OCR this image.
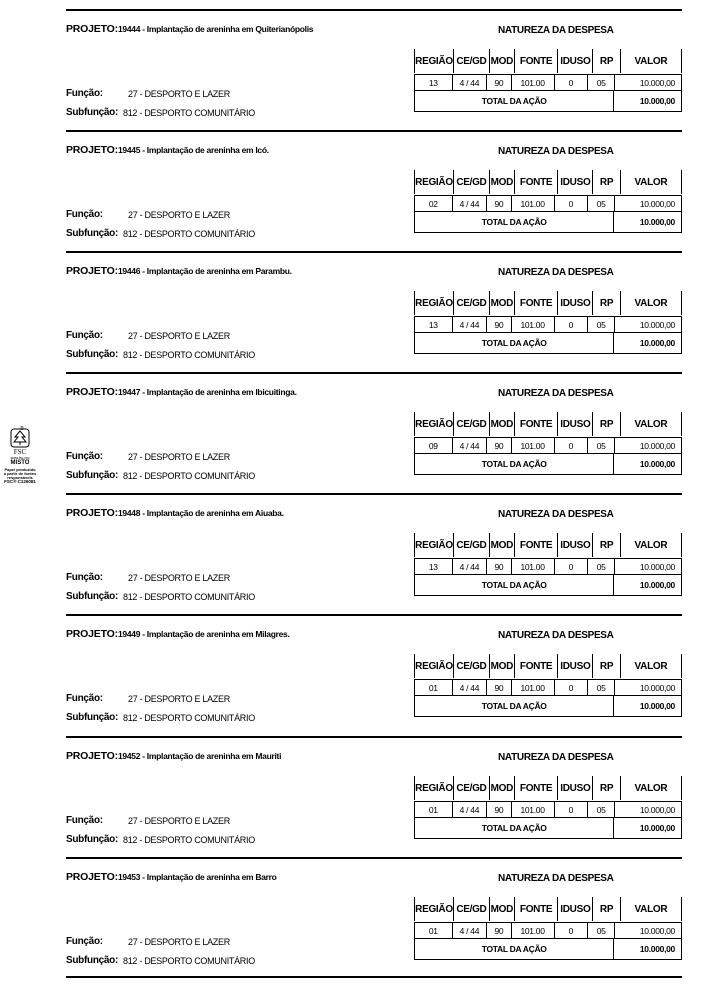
PROJETO: 19444 - Implantação de areninha em Quiterianópolis	NATUREZA DA DESPESA
REGIÃO	CE/GD	MOD	FONTE	IDUSO	RP	VALOR
13	4 / 44	90	101.00	0	05	10.000,00
TOTAL DA AÇÃO	10.000,00
Função:	27 - DESPORTO E LAZER
Subfunção: 812 - DESPORTO COMUNITÁRIO
PROJETO: 19445 - Implantação de areninha em Icó.	NATUREZA DA DESPESA
REGIÃO	CE/GD	MOD	FONTE	IDUSO	RP	VALOR
02	4 / 44	90	101.00	0	05	10.000,00
TOTAL DA AÇÃO	10.000,00
Função:	27 - DESPORTO E LAZER
Subfunção: 812 - DESPORTO COMUNITÁRIO
PROJETO: 19446 - Implantação de areninha em Parambu.	NATUREZA DA DESPESA
REGIÃO	CE/GD	MOD	FONTE	IDUSO	RP	VALOR
13	4 / 44	90	101.00	0	05	10.000,00
TOTAL DA AÇÃO	10.000,00
Função:	27 - DESPORTO E LAZER
Subfunção: 812 - DESPORTO COMUNITÁRIO
PROJETO: 19447 - Implantação de areninha em Ibicuitinga.	NATUREZA DA DESPESA
REGIÃO	CE/GD	MOD	FONTE	IDUSO	RP	VALOR
09	4 / 44	90	101.00	0	05	10.000,00
TOTAL DA AÇÃO	10.000,00
Função:	27 - DESPORTO E LAZER
Subfunção: 812 - DESPORTO COMUNITÁRIO
PROJETO: 19448 - Implantação de areninha em Aiuaba.	NATUREZA DA DESPESA
REGIÃO	CE/GD	MOD	FONTE	IDUSO	RP	VALOR
13	4 / 44	90	101.00	0	05	10.000,00
TOTAL DA AÇÃO	10.000,00
Função:	27 - DESPORTO E LAZER
Subfunção: 812 - DESPORTO COMUNITÁRIO
PROJETO: 19449 - Implantação de areninha em Milagres.	NATUREZA DA DESPESA
REGIÃO	CE/GD	MOD	FONTE	IDUSO	RP	VALOR
01	4 / 44	90	101.00	0	05	10.000,00
TOTAL DA AÇÃO	10.000,00
Função:	27 - DESPORTO E LAZER
Subfunção: 812 - DESPORTO COMUNITÁRIO
PROJETO: 19452 - Implantação de areninha em Mauriti	NATUREZA DA DESPESA
REGIÃO	CE/GD	MOD	FONTE	IDUSO	RP	VALOR
01	4 / 44	90	101.00	0	05	10.000,00
TOTAL DA AÇÃO	10.000,00
Função:	27 - DESPORTO E LAZER
Subfunção: 812 - DESPORTO COMUNITÁRIO
PROJETO: 19453 - Implantação de areninha em Barro	NATUREZA DA DESPESA
REGIÃO	CE/GD	MOD	FONTE	IDUSO	RP	VALOR
01	4 / 44	90	101.00	0	05	10.000,00
TOTAL DA AÇÃO	10.000,00
Função:	27 - DESPORTO E LAZER
Subfunção: 812 - DESPORTO COMUNITÁRIO
®
FSC
www.fsc.org
MISTO
Papel produzido
a partir de fontes
responsáveis
FSC® C126081
